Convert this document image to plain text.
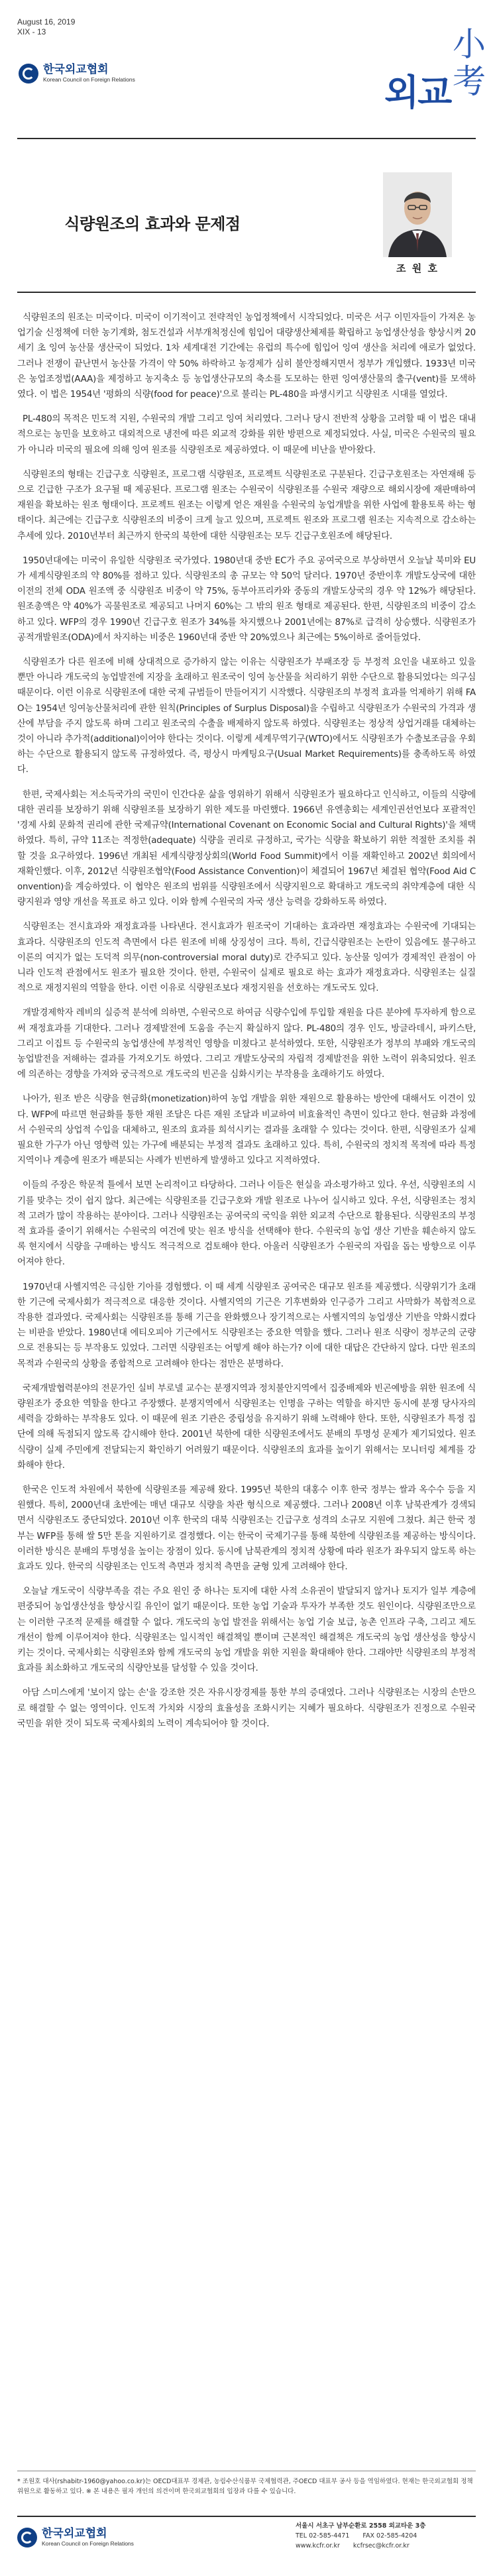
August 16, 2019
XIX - 13
한국외교협회
Korean Council on Foreign Relations	외교
小考
식량원조의 효과와 문제점
조 원 호

식량원조의 원조는 미국이다. 미국이 이기적이고 전략적인 농업정책에서 시작되었다. 미국은 서구 이민자들이 가져온 농업기술 신정책에 더한 농기계화, 첨도건설과 서부개척정신에 힘입어 대량생산체제를 확립하고 농업생산성을 향상시켜 20세기 초 잉여 농산물 생산국이 되었다. 1차 세계대전 기간에는 유럽의 특수에 힘입어 잉여 생산을 처리에 애로가 없었다. 그러나 전쟁이 끝난면서 농산물 가격이 약 50% 하락하고 농경제가 심히 불안정해지면서 정부가 개입했다. 1933년 미국은 농업조정법(AAA)을 제정하고 농지축소 등 농업생산규모의 축소를 도모하는 한편 잉여생산물의 출구(vent)를 모색하였다. 이 법은 1954년 '평화의 식량(food for peace)'으로 불리는 PL-480을 파생시키고 식량원조 시대를 열었다.

PL-480의 목적은 민도적 지원, 수원국의 개발 그리고 잉여 처리였다. 그러나 당시 전반적 상황을 고려할 때 이 법은 대내적으로는 농민을 보호하고 대외적으로 냉전에 따른 외교적 강화를 위한 방편으로 제정되었다. 사실, 미국은 수원국의 필요가 아니라 미국의 필요에 의해 잉여 원조를 식량원조로 제공하였다. 이 때문에 비난을 받아왔다.

식량원조의 형태는 긴급구호 식량원조, 프로그램 식량원조, 프로젝트 식량원조로 구분된다. 긴급구호원조는 자연재해 등으로 긴급한 구조가 요구될 때 제공된다. 프로그램 원조는 수원국이 식량원조를 수원국 재량으로 해외시장에 재판매하여 재원을 확보하는 원조 형태이다. 프로젝트 원조는 이렇게 얻은 재원을 수원국의 농업개발을 위한 사업에 활용토록 하는 형태이다. 최근에는 긴급구호 식량원조의 비중이 크게 늘고 있으며, 프로젝트 원조와 프로그램 원조는 지속적으로 감소하는 추세에 있다. 2010년부터 최근까지 한국의 북한에 대한 식량원조는 모두 긴급구호원조에 해당된다.

1950년대에는 미국이 유일한 식량원조 국가였다. 1980년대 중반 EC가 주요 공여국으로 부상하면서 오늘날 북미와 EU가 세계식량원조의 약 80%를 점하고 있다. 식량원조의 총 규모는 약 50억 달러다. 1970년 중반이후 개발도상국에 대한 이전의 전체 ODA 원조액 중 식량원조 비중이 약 75%, 동부아프리카와 중동의 개발도상국의 경우 약 12%가 해당된다. 원조총액은 약 40%가 곡물원조로 제공되고 나머지 60%는 그 밖의 원조 형태로 제공된다. 한편, 식량원조의 비중이 감소하고 있다. WFP의 경우 1990년 긴급구호 원조가 34%를 차지했으나 2001년에는 87%로 급격히 상승했다. 식량원조가 공적개발원조(ODA)에서 차지하는 비중은 1960년대 중반 약 20%였으나 최근에는 5%이하로 줄어들었다.

식량원조가 다른 원조에 비해 상대적으로 증가하지 않는 이유는 식량원조가 부패조장 등 부정적 요인을 내포하고 있을 뿐만 아니라 개도국의 농업발전에 지장을 초래하고 원조국이 잉여 농산물을 처리하기 위한 수단으로 활용되었다는 의구심 때문이다. 이런 이유로 식량원조에 대한 국제 규범들이 만들어지기 시작했다. 식량원조의 부정적 효과를 억제하기 위해 FAO는 1954년 잉여농산물처리에 관한 원칙(Principles of Surplus Disposal)을 수립하고 식량원조가 수원국의 가격과 생산에 부담을 주지 않도록 하며 그리고 원조국의 수출을 배제하지 않도록 하였다. 식량원조는 정상적 상업거래를 대체하는 것이 아니라 추가적(additional)이어야 한다는 것이다. 이렇게 세계무역기구(WTO)에서도 식량원조가 수출보조금을 우회하는 수단으로 활용되지 않도록 규정하였다. 즉, 평상시 마케팅요구(Usual Market Requirements)를 충족하도록 하였다.

한편, 국제사회는 저소득국가의 국민이 인간다운 삶을 영위하기 위해서 식량원조가 필요하다고 인식하고, 이들의 식량에 대한 권리를 보장하기 위해 식량원조를 보장하기 위한 제도를 마련했다. 1966년 유엔총회는 세계인권선언보다 포괄적인 '경제 사회 문화적 권리에 관한 국제규약(International Covenant on Economic Social and Cultural Rights)'을 채택하였다. 특히, 규약 11조는 적정한(adequate) 식량을 권리로 규정하고, 국가는 식량을 확보하기 위한 적절한 조치를 취할 것을 요구하였다. 1996년 개최된 세계식량정상회의(World Food Summit)에서 이를 재확인하고 2002년 회의에서 재확인했다. 이후, 2012년 식량원조협약(Food Assistance Convention)이 체결되어 1967년 체결된 협약(Food Aid Convention)을 계승하였다. 이 협약은 원조의 범위를 식량원조에서 식량지원으로 확대하고 개도국의 취약계층에 대한 식량지원과 영양 개선을 목표로 하고 있다. 이와 함께 수원국의 자국 생산 능력을 강화하도록 하였다.

식량원조는 전시효과와 재정효과를 나타낸다. 전시효과가 원조국이 기대하는 효과라면 재정효과는 수원국에 기대되는 효과다. 식량원조의 인도적 측면에서 다른 원조에 비해 상징성이 크다. 특히, 긴급식량원조는 논란이 있음에도 불구하고 이론의 여지가 없는 도덕적 의무(non-controversial moral duty)로 간주되고 있다. 농산물 잉여가 경제적인 관점이 아니라 인도적 관점에서도 원조가 필요한 것이다. 한편, 수원국이 실제로 필요로 하는 효과가 재정효과다. 식량원조는 실질적으로 재정지원의 역할을 한다. 이런 이유로 식량원조보다 재정지원을 선호하는 개도국도 있다.

개발경제학자 레비의 실증적 분석에 의하면, 수원국으로 하여금 식량수입에 투입할 재원을 다른 분야에 투자하게 함으로써 재정효과를 기대한다. 그러나 경제발전에 도움을 주는지 확실하지 않다. PL-480의 경우 인도, 방글라데시, 파키스탄, 그리고 이집트 등 수원국의 농업생산에 부정적인 영향을 미쳤다고 분석하였다. 또한, 식량원조가 정부의 부패와 개도국의 농업발전을 저해하는 결과를 가져오기도 하였다. 그리고 개발도상국의 자립적 경제발전을 위한 노력이 위축되었다. 원조에 의존하는 경향을 가져와 궁극적으로 개도국의 빈곤을 심화시키는 부작용을 초래하기도 하였다.

나아가, 원조 받은 식량을 현금화(monetization)하여 농업 개발을 위한 재원으로 활용하는 방안에 대해서도 이견이 있다. WFP에 따르면 현금화를 통한 재원 조달은 다른 재원 조달과 비교하여 비효율적인 측면이 있다고 한다. 현금화 과정에서 수원국의 상업적 수입을 대체하고, 원조의 효과를 희석시키는 결과를 초래할 수 있다는 것이다. 한편, 식량원조가 실제 필요한 가구가 아닌 영향력 있는 가구에 배분되는 부정적 결과도 초래하고 있다. 특히, 수원국의 정치적 목적에 따라 특정 지역이나 계층에 원조가 배분되는 사례가 빈번하게 발생하고 있다고 지적하였다.

이들의 주장은 학문적 틀에서 보면 논리적이고 타당하다. 그러나 이들은 현실을 과소평가하고 있다. 우선, 식량원조의 시기를 맞추는 것이 쉽지 않다. 최근에는 식량원조를 긴급구호와 개발 원조로 나누어 실시하고 있다. 우선, 식량원조는 정치적 고려가 많이 작용하는 분야이다. 그러나 식량원조는 공여국의 국익을 위한 외교적 수단으로 활용된다. 식량원조의 부정적 효과를 줄이기 위해서는 수원국의 여건에 맞는 원조 방식을 선택해야 한다. 수원국의 농업 생산 기반을 훼손하지 않도록 현지에서 식량을 구매하는 방식도 적극적으로 검토해야 한다. 아울러 식량원조가 수원국의 자립을 돕는 방향으로 이루어져야 한다.

1970년대 사헬지역은 극심한 기아를 경험했다. 이 때 세계 식량원조 공여국은 대규모 원조를 제공했다. 식량위기가 초래한 기근에 국제사회가 적극적으로 대응한 것이다. 사헬지역의 기근은 기후변화와 인구증가 그리고 사막화가 복합적으로 작용한 결과였다. 국제사회는 식량원조를 통해 기근을 완화했으나 장기적으로는 사헬지역의 농업생산 기반을 약화시켰다는 비판을 받았다. 1980년대 에티오피아 기근에서도 식량원조는 중요한 역할을 했다. 그러나 원조 식량이 정부군의 군량으로 전용되는 등 부작용도 있었다. 그러면 식량원조는 어떻게 해야 하는가? 이에 대한 대답은 간단하지 않다. 다만 원조의 목적과 수원국의 상황을 종합적으로 고려해야 한다는 점만은 분명하다.

국제개발협력분야의 전문가인 실비 부로넬 교수는 분쟁지역과 정치불안지역에서 집중배제와 빈곤예방을 위한 원조에 식량원조가 중요한 역할을 한다고 주장했다. 분쟁지역에서 식량원조는 인명을 구하는 역할을 하지만 동시에 분쟁 당사자의 세력을 강화하는 부작용도 있다. 이 때문에 원조 기관은 중립성을 유지하기 위해 노력해야 한다. 또한, 식량원조가 특정 집단에 의해 독점되지 않도록 감시해야 한다. 2001년 북한에 대한 식량원조에서도 분배의 투명성 문제가 제기되었다. 원조 식량이 실제 주민에게 전달되는지 확인하기 어려웠기 때문이다. 식량원조의 효과를 높이기 위해서는 모니터링 체계를 강화해야 한다.

한국은 인도적 차원에서 북한에 식량원조를 제공해 왔다. 1995년 북한의 대홍수 이후 한국 정부는 쌀과 옥수수 등을 지원했다. 특히, 2000년대 초반에는 매년 대규모 식량을 차관 형식으로 제공했다. 그러나 2008년 이후 남북관계가 경색되면서 식량원조도 중단되었다. 2010년 이후 한국의 대북 식량원조는 긴급구호 성격의 소규모 지원에 그쳤다. 최근 한국 정부는 WFP를 통해 쌀 5만 톤을 지원하기로 결정했다. 이는 한국이 국제기구를 통해 북한에 식량원조를 제공하는 방식이다. 이러한 방식은 분배의 투명성을 높이는 장점이 있다. 동시에 남북관계의 정치적 상황에 따라 원조가 좌우되지 않도록 하는 효과도 있다. 한국의 식량원조는 인도적 측면과 정치적 측면을 균형 있게 고려해야 한다.

오늘날 개도국이 식량부족을 겪는 주요 원인 중 하나는 토지에 대한 사적 소유권이 발달되지 않거나 토지가 일부 계층에 편중되어 농업생산성을 향상시킬 유인이 없기 때문이다. 또한 농업 기술과 투자가 부족한 것도 원인이다. 식량원조만으로는 이러한 구조적 문제를 해결할 수 없다. 개도국의 농업 발전을 위해서는 농업 기술 보급, 농촌 인프라 구축, 그리고 제도 개선이 함께 이루어져야 한다. 식량원조는 일시적인 해결책일 뿐이며 근본적인 해결책은 개도국의 농업 생산성을 향상시키는 것이다. 국제사회는 식량원조와 함께 개도국의 농업 개발을 위한 지원을 확대해야 한다. 그래야만 식량원조의 부정적 효과를 최소화하고 개도국의 식량안보를 달성할 수 있을 것이다.

아담 스미스에게 '보이지 않는 손'을 강조한 것은 자유시장경제를 통한 부의 증대였다. 그러나 식량원조는 시장의 손만으로 해결할 수 없는 영역이다. 인도적 가치와 시장의 효율성을 조화시키는 지혜가 필요하다. 식량원조가 진정으로 수원국 국민을 위한 것이 되도록 국제사회의 노력이 계속되어야 할 것이다.

* 조원호 대사(rshabitr-1960@yahoo.co.kr)는 OECD대표부 경제관, 농림수산식품부 국제협력관, 주OECD 대표부 공사 등을 역임하였다. 현재는 한국외교협회 정책위원으로 활동하고 있다. ※ 본 내용은 필자 개인의 의견이며 한국외교협회의 입장과 다를 수 있습니다.
한국외교협회
Korean Council on Foreign Relations
서울시 서초구 남부순환로 2558 외교타운 3층
TEL 02-585-4471 FAX 02-585-4204
www.kcfr.or.kr kcfrsec@kcfr.or.kr
